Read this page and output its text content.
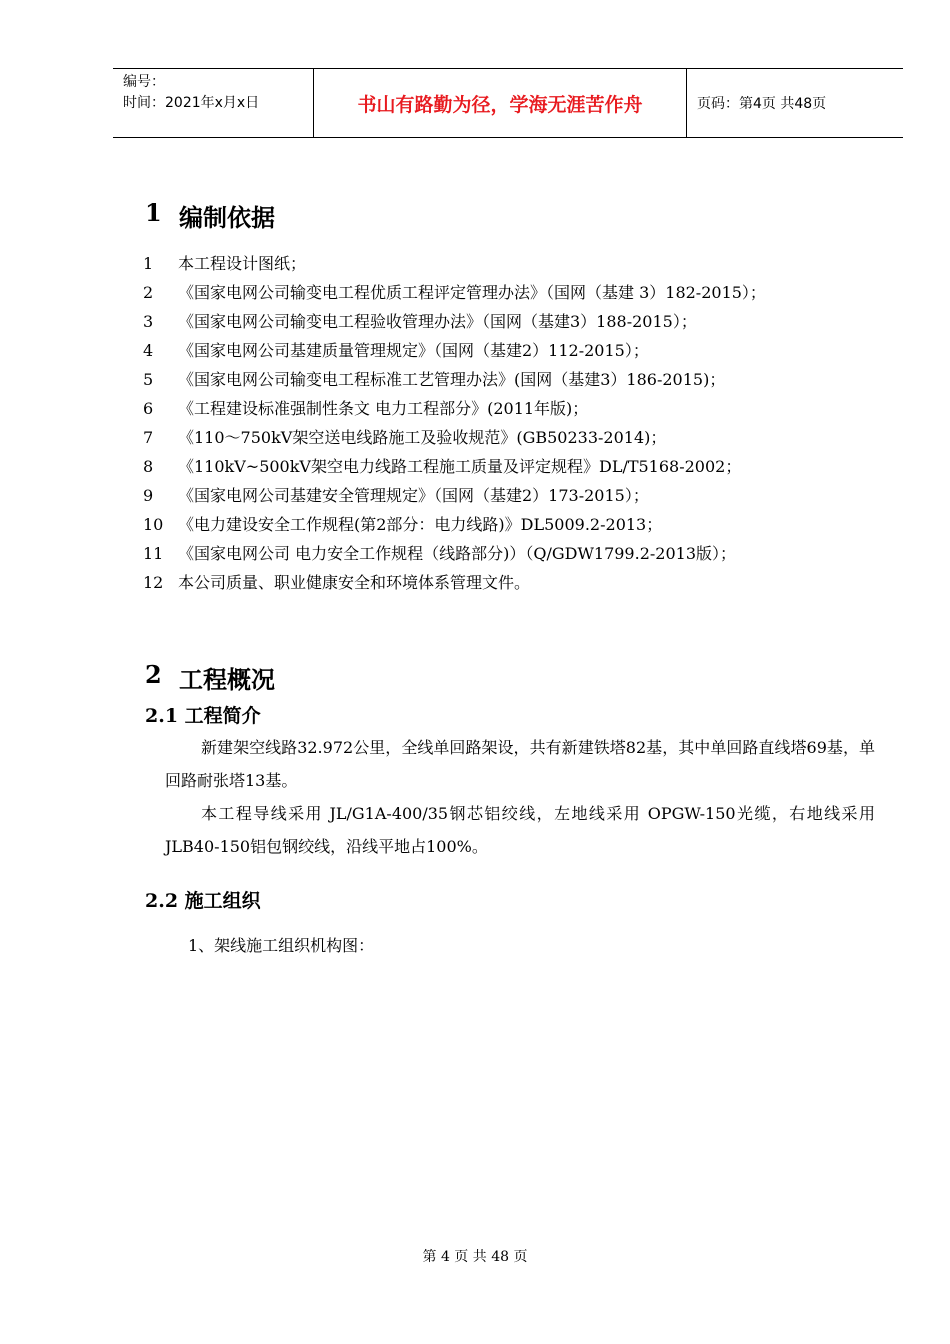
编号：
时间：2021年x月x日	书山有路勤为径，学海无涯苦作舟	页码：第4页 共48页
1 编制依据
1	本工程设计图纸；
2	《国家电网公司输变电工程优质工程评定管理办法》（国网（基建 3）182-2015）；
3	《国家电网公司输变电工程验收管理办法》（国网（基建3）188-2015）；
4	《国家电网公司基建质量管理规定》（国网（基建2）112-2015）；
5	《国家电网公司输变电工程标准工艺管理办法》(国网（基建3）186-2015)；
6	《工程建设标准强制性条文 电力工程部分》(2011年版)；
7	《110～750kV架空送电线路施工及验收规范》(GB50233-2014)；
8	《110kV~500kV架空电力线路工程施工质量及评定规程》DL/T5168-2002；
9	《国家电网公司基建安全管理规定》（国网（基建2）173-2015）；
10 《电力建设安全工作规程(第2部分：电力线路)》DL5009.2-2013；
11 《国家电网公司 电力安全工作规程（线路部分)）（Q/GDW1799.2-2013版）；
12 本公司质量、职业健康安全和环境体系管理文件。
2 工程概况
2.1 工程简介
新建架空线路32.972公里，全线单回路架设，共有新建铁塔82基，其中单回路直线塔69基，单回路耐张塔13基。
本工程导线采用 JL/G1A-400/35钢芯铝绞线，左地线采用 OPGW-150光缆，右地线采用 JLB40-150铝包钢绞线，沿线平地占100%。
2.2 施工组织
1、架线施工组织机构图：
第 4 页 共 48 页
